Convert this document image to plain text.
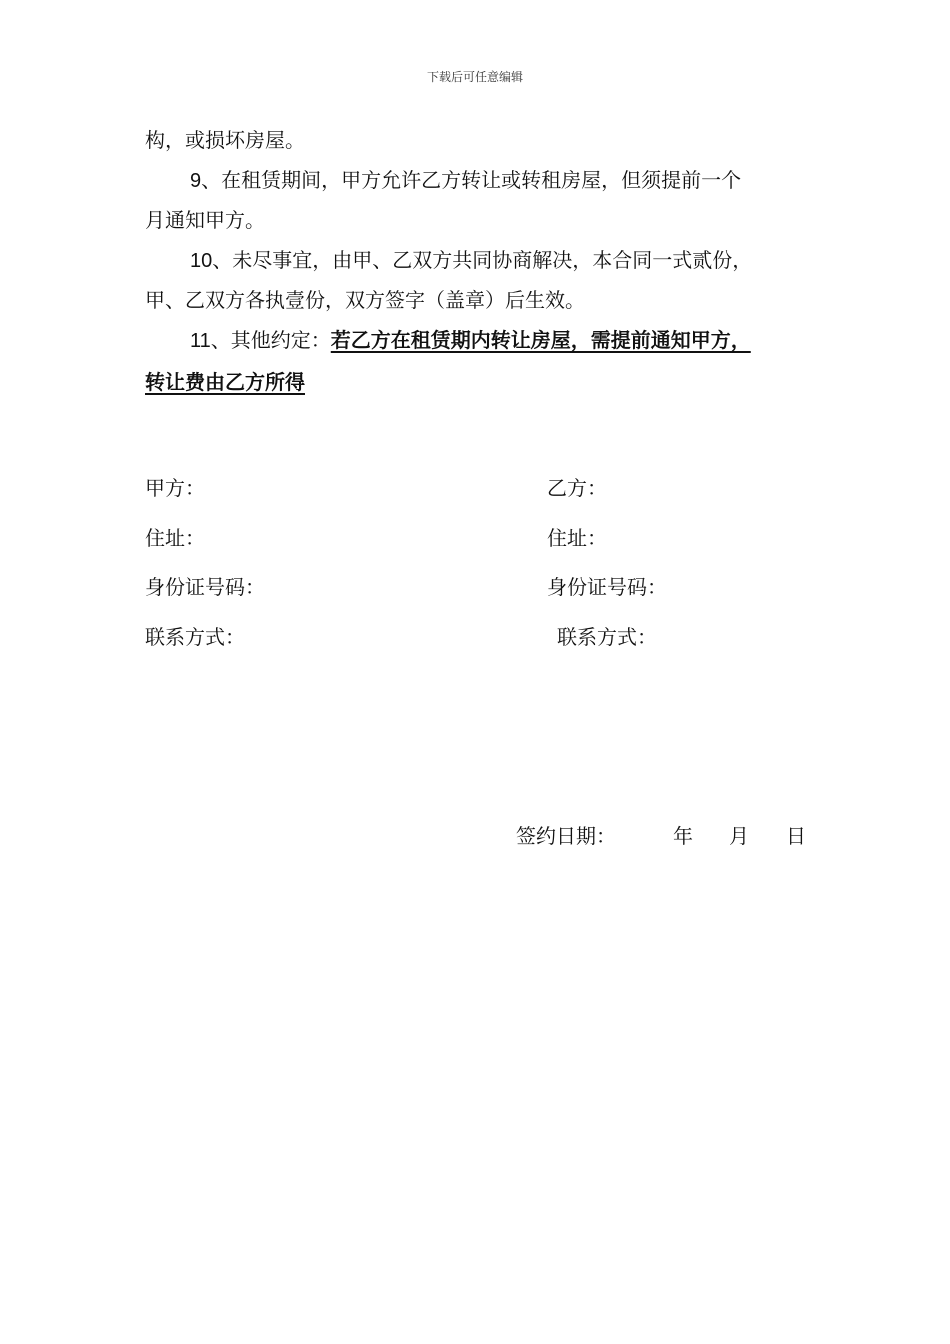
下载后可任意编辑
构，或损坏房屋。
9、在租赁期间，甲方允许乙方转让或转租房屋，但须提前一个
月通知甲方。
10、未尽事宜，由甲、乙双方共同协商解决，本合同一式贰份，
甲、乙双方各执壹份，双方签字（盖章）后生效。
11、其他约定：若乙方在租赁期内转让房屋，需提前通知甲方，
转让费由乙方所得
甲方：	乙方：
住址：	住址：
身份证号码：	身份证号码：
联系方式：	联系方式：
签约日期：	年 月 日
